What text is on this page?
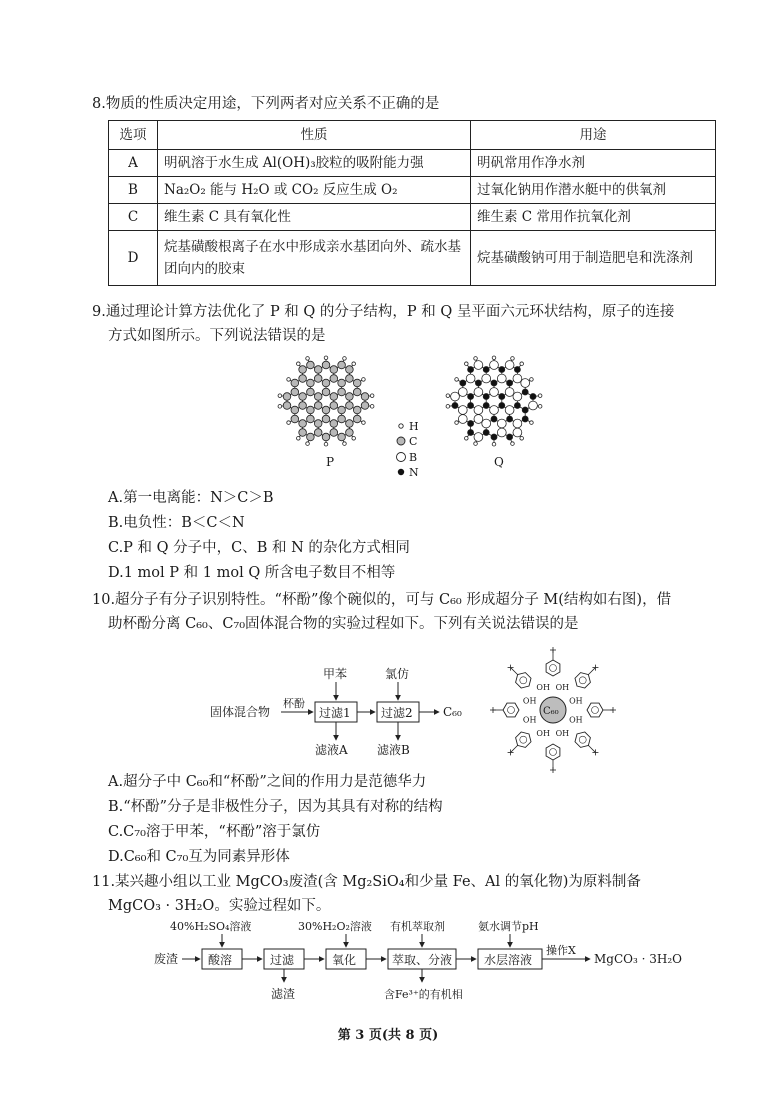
8.物质的性质决定用途，下列两者对应关系不正确的是
选项	性质	用途
A	明矾溶于水生成 Al(OH)₃胶粒的吸附能力强	明矾常用作净水剂
B	Na₂O₂ 能与 H₂O 或 CO₂ 反应生成 O₂	过氧化钠用作潜水艇中的供氧剂
C	维生素 C 具有氧化性	维生素 C 常用作抗氧化剂
D	烷基磺酸根离子在水中形成亲水基团向外、疏水基团向内的胶束	烷基磺酸钠可用于制造肥皂和洗涤剂
9.通过理论计算方法优化了 P 和 Q 的分子结构，P 和 Q 呈平面六元环状结构，原子的连接
方式如图所示。下列说法错误的是
P	Q
H
C
B
N
A.第一电离能：N＞C＞B
B.电负性：B＜C＜N
C.P 和 Q 分子中，C、B 和 N 的杂化方式相同
D.1 mol P 和 1 mol Q 所含电子数目不相等
10.超分子有分子识别特性。“杯酚”像个碗似的，可与 C₆₀ 形成超分子 M(结构如右图)，借
助杯酚分离 C₆₀、C₇₀固体混合物的实验过程如下。下列有关说法错误的是
固体混合物
杯酚
过滤1
甲苯
滤液A
过滤2
氯仿
滤液B
C₆₀	C₆₀
OH
OH
OH
OH
OH
OH
OH
OH
A.超分子中 C₆₀和“杯酚”之间的作用力是范德华力
B.“杯酚”分子是非极性分子，因为其具有对称的结构
C.C₇₀溶于甲苯，“杯酚”溶于氯仿
D.C₆₀和 C₇₀互为同素异形体
11.某兴趣小组以工业 MgCO₃废渣(含 Mg₂SiO₄和少量 Fe、Al 的氧化物)为原料制备
MgCO₃ · 3H₂O。实验过程如下。
废渣 酸溶
40%H₂SO₄溶液
过滤
滤渣
氧化
30%H₂O₂溶液
萃取、分液
有机萃取剂
含Fe³⁺的有机相
水层溶液
氨水调节pH
操作X
MgCO₃ · 3H₂O
第 3 页(共 8 页)
